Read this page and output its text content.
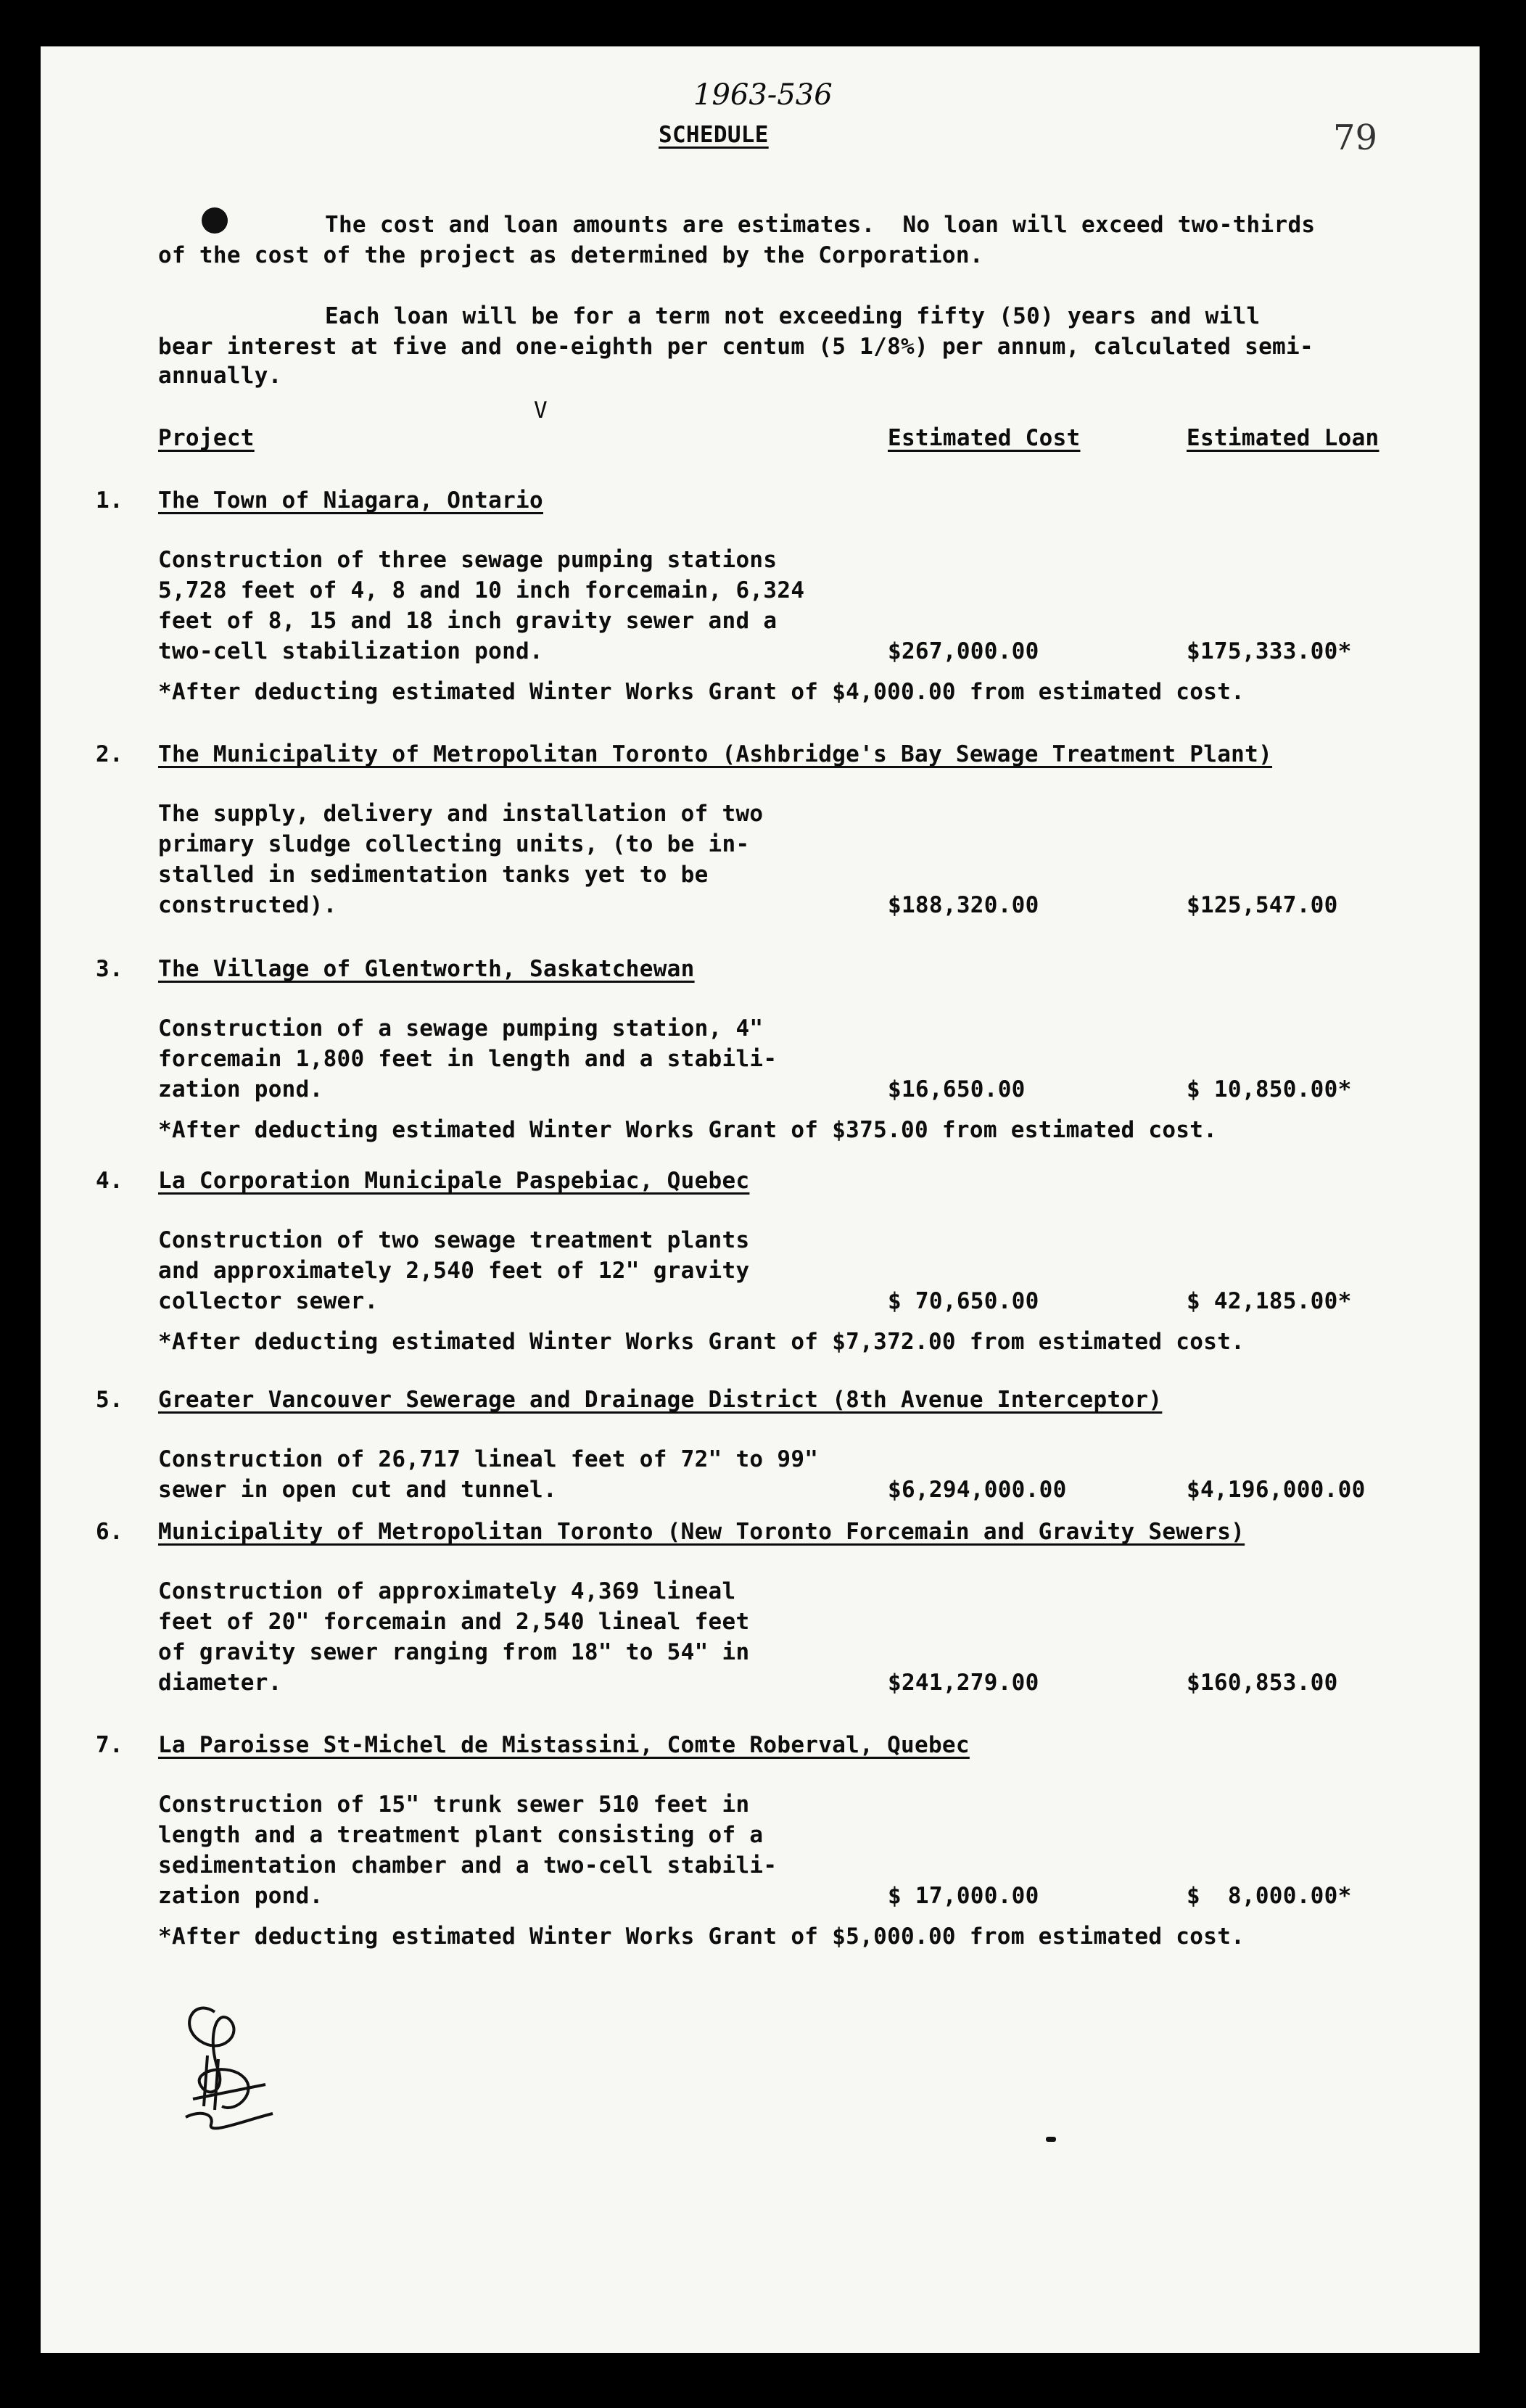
1963-536
SCHEDULE	79
The cost and loan amounts are estimates.  No loan will exceed two-thirds
of the cost of the project as determined by the Corporation.
Each loan will be for a term not exceeding fifty (50) years and will
bear interest at five and one-eighth per centum (5 1/8%) per annum, calculated semi-
annually.
V
Project	Estimated Cost	Estimated Loan
1. The Town of Niagara, Ontario
Construction of three sewage pumping stations
5,728 feet of 4, 8 and 10 inch forcemain, 6,324
feet of 8, 15 and 18 inch gravity sewer and a
two-cell stabilization pond.	$267,000.00	$175,333.00*
*After deducting estimated Winter Works Grant of $4,000.00 from estimated cost.
2. The Municipality of Metropolitan Toronto (Ashbridge's Bay Sewage Treatment Plant)
The supply, delivery and installation of two
primary sludge collecting units, (to be in-
stalled in sedimentation tanks yet to be
constructed).	$188,320.00	$125,547.00
3. The Village of Glentworth, Saskatchewan
Construction of a sewage pumping station, 4"
forcemain 1,800 feet in length and a stabili-
zation pond.	$16,650.00	$ 10,850.00*
*After deducting estimated Winter Works Grant of $375.00 from estimated cost.
4. La Corporation Municipale Paspebiac, Quebec
Construction of two sewage treatment plants
and approximately 2,540 feet of 12" gravity
collector sewer.	$ 70,650.00	$ 42,185.00*
*After deducting estimated Winter Works Grant of $7,372.00 from estimated cost.
5. Greater Vancouver Sewerage and Drainage District (8th Avenue Interceptor)
Construction of 26,717 lineal feet of 72" to 99"
sewer in open cut and tunnel.	$6,294,000.00	$4,196,000.00
6. Municipality of Metropolitan Toronto (New Toronto Forcemain and Gravity Sewers)
Construction of approximately 4,369 lineal
feet of 20" forcemain and 2,540 lineal feet
of gravity sewer ranging from 18" to 54" in
diameter.	$241,279.00	$160,853.00
7. La Paroisse St-Michel de Mistassini, Comte Roberval, Quebec
Construction of 15" trunk sewer 510 feet in
length and a treatment plant consisting of a
sedimentation chamber and a two-cell stabili-
zation pond.	$ 17,000.00	$  8,000.00*
*After deducting estimated Winter Works Grant of $5,000.00 from estimated cost.
